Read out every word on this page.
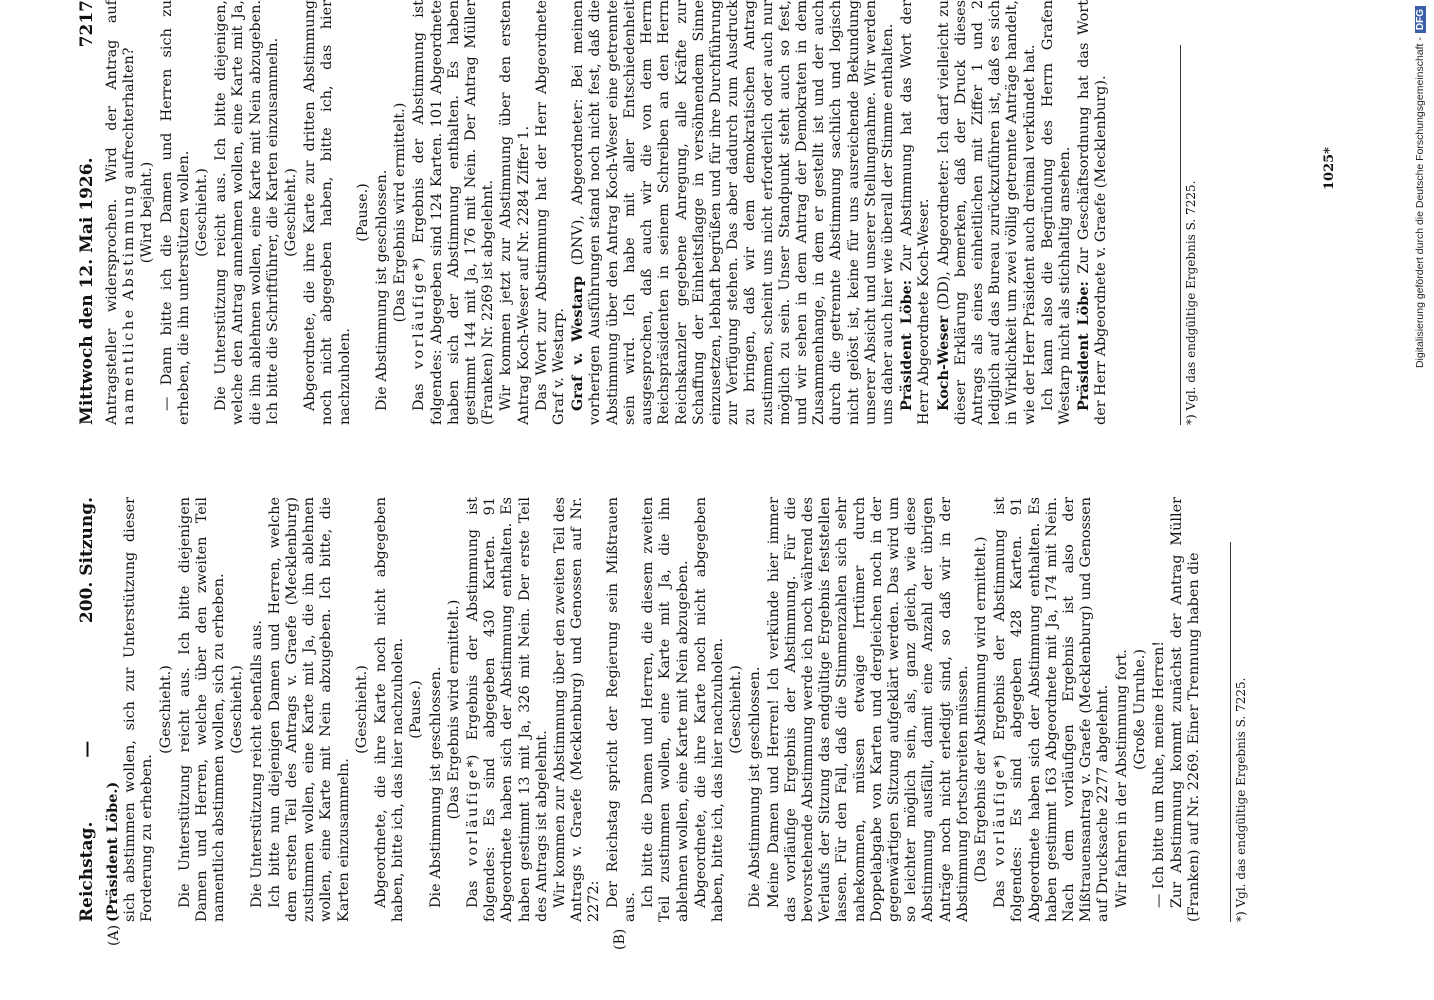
Reichstag. —
200. Sitzung.
Mittwoch den 12. Mai 1926.
7217
(A)	(B)

(Präsident Löbe.) sich abstimmen wollen, sich zur Unterstützung dieser Forderung zu erheben.

(Geschieht.) Die Unterstützung reicht aus. Ich bitte diejenigen Damen und Herren, welche über den zweiten Teil namentlich abstimmen wollen, sich zu erheben. (Geschieht.) Die Unterstützung reicht ebenfalls aus. Ich bitte nun diejenigen Damen und Herren, welche dem ersten Teil des Antrags v. Graefe (Mecklenburg) zustimmen wollen, eine Karte mit Ja, die ihn ablehnen wollen, eine Karte mit Nein abzugeben. Ich bitte, die Karten einzusammeln.

(Geschieht.) Abgeordnete, die ihre Karte noch nicht abgegeben haben, bitte ich, das hier nachzuholen. (Pause.) Die Abstimmung ist geschlossen. (Das Ergebnis wird ermittelt.)

Das vorläufige*) Ergebnis der Abstimmung ist folgendes: Es sind abgegeben 430 Karten. 91 Abgeordnete haben sich der Abstimmung enthalten. Es haben gestimmt 13 mit Ja, 326 mit Nein. Der erste Teil des Antrags ist abgelehnt. Wir kommen zur Abstimmung über den zweiten Teil des Antrags v. Graefe (Mecklenburg) und Genossen auf Nr. 2272: Der Reichstag spricht der Regierung sein Mißtrauen aus. Ich bitte die Damen und Herren, die diesem zweiten Teil zustimmen wollen, eine Karte mit Ja, die ihn ablehnen wollen, eine Karte mit Nein abzugeben. Abgeordnete, die ihre Karte noch nicht abgegeben haben, bitte ich, das hier nachzuholen. (Geschieht.) Die Abstimmung ist geschlossen. Meine Damen und Herren! Ich verkünde hier immer das vorläufige Ergebnis der Abstimmung. Für die bevorstehende Abstimmung werde ich noch während des Verlaufs der Sitzung das endgültige Ergebnis feststellen lassen. Für den Fall, daß die Stimmenzahlen sich sehr nahekommen, müssen etwaige Irrtümer durch Doppelabgabe von Karten und dergleichen noch in der gegenwärtigen Sitzung aufgeklärt werden. Das wird um so leichter möglich sein, als, ganz gleich, wie diese Abstimmung ausfällt, damit eine Anzahl der übrigen Anträge noch nicht erledigt sind, so daß wir in der Abstimmung fortschreiten müssen. (Das Ergebnis der Abstimmung wird ermittelt.)

Das vorläufige*) Ergebnis der Abstimmung ist folgendes: Es sind abgegeben 428 Karten. 91 Abgeordnete haben sich der Abstimmung enthalten. Es haben gestimmt 163 Abgeordnete mit Ja, 174 mit Nein. Nach dem vorläufigen Ergebnis ist also der Mißtrauensantrag v. Graefe (Mecklenburg) und Genossen auf Drucksache 2277 abgelehnt. Wir fahren in der Abstimmung fort. (Große Unruhe.) — Ich bitte um Ruhe, meine Herren! Zur Abstimmung kommt zunächst der Antrag Müller (Franken) auf Nr. 2269. Einer Trennung haben die	*) Vgl. das endgültige Ergebnis S. 7225.

Antragsteller widersprochen. Wird der Antrag auf namentliche Abstimmung aufrechterhalten?

(Wird bejaht.) — Dann bitte ich die Damen und Herren sich zu erheben, die ihn unterstützen wollen. (Geschieht.) Die Unterstützung reicht aus. Ich bitte diejenigen, welche den Antrag annehmen wollen, eine Karte mit Ja, die ihn ablehnen wollen, eine Karte mit Nein abzugeben. Ich bitte die Schriftführer, die Karten einzusammeln. (Geschieht.) Abgeordnete, die ihre Karte zur dritten Abstimmung noch nicht abgegeben haben, bitte ich, das hier nachzuholen.

(Pause.) Die Abstimmung ist geschlossen. (Das Ergebnis wird ermittelt.)

Das vorläufige*) Ergebnis der Abstimmung ist folgendes: Abgegeben sind 124 Karten. 101 Abgeordnete haben sich der Abstimmung enthalten. Es haben gestimmt 144 mit Ja, 176 mit Nein. Der Antrag Müller (Franken) Nr. 2269 ist abgelehnt. Wir kommen jetzt zur Abstimmung über den ersten Antrag Koch-Weser auf Nr. 2284 Ziffer 1. Das Wort zur Abstimmung hat der Herr Abgeordnete Graf v. Westarp. Graf v. Westarp (DNV), Abgeordneter: Bei meinen vorherigen Ausführungen stand noch nicht fest, daß die Abstimmung über den Antrag Koch-Weser eine getrennte sein wird. Ich habe mit aller Entschiedenheit ausgesprochen, daß auch wir die von dem Herrn Reichspräsidenten in seinem Schreiben an den Herrn Reichskanzler gegebene Anregung, alle Kräfte zur Schaffung der Einheitsflagge in versöhnendem Sinne einzusetzen, lebhaft begrüßen und für ihre Durchführung zur Verfügung stehen. Das aber dadurch zum Ausdruck zu bringen, daß wir dem demokratischen Antrag zustimmen, scheint uns nicht erforderlich oder auch nur möglich zu sein. Unser Standpunkt steht auch so fest, und wir sehen in dem Antrag der Demokraten in dem Zusammenhange, in dem er gestellt ist und der auch durch die getrennte Abstimmung sachlich und logisch nicht gelöst ist, keine für uns ausreichende Bekundung unserer Absicht und unserer Stellungnahme. Wir werden uns daher auch hier wie überall der Stimme enthalten. Präsident Löbe: Zur Abstimmung hat das Wort der Herr Abgeordnete Koch-Weser. Koch-Weser (DD), Abgeordneter: Ich darf vielleicht zu dieser Erklärung bemerken, daß der Druck dieses Antrags als eines einheitlichen mit Ziffer 1 und 2 lediglich auf das Bureau zurückzuführen ist, daß es sich in Wirklichkeit um zwei völlig getrennte Anträge handelt, wie der Herr Präsident auch dreimal verkündet hat. Ich kann also die Begründung des Herrn Grafen Westarp nicht als stichhaltig ansehen. Präsident Löbe: Zur Geschäftsordnung hat das Wort der Herr Abgeordnete v. Graefe (Mecklenburg).	*) Vgl. das endgültige Ergebnis S. 7225.
1025*	Digitalisierung gefördert durch die Deutsche Forschungsgemeinschaft -DFG
